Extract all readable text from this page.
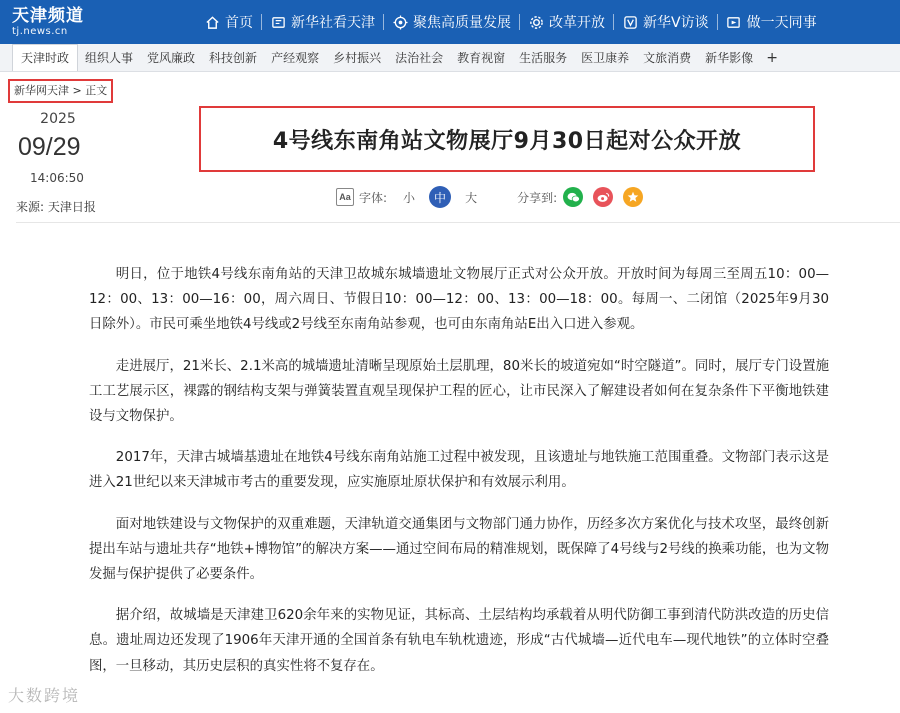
天津频道
tj.news.cn
首页	新华社看天津	聚焦高质量发展	改革开放	新华V访谈	做一天同事
天津时政	组织人事	党风廉政	科技创新	产经观察	乡村振兴	法治社会	教育视窗	生活服务	医卫康养	文旅消费	新华影像 +
新华网天津 > 正文
2025
09/29
14:06:50
来源: 天津日报
4号线东南角站文物展厅9月30日起对公众开放
Aa 字体: 小	中	大	分享到:

明日，位于地铁4号线东南角站的天津卫故城东城墙遗址文物展厅正式对公众开放。开放时间为每周三至周五10：00—12：00、13：00—16：00，周六周日、节假日10：00—12：00、13：00—18：00。每周一、二闭馆（2025年9月30日除外）。市民可乘坐地铁4号线或2号线至东南角站参观，也可由东南角站E出入口进入参观。

走进展厅，21米长、2.1米高的城墙遗址清晰呈现原始土层肌理，80米长的坡道宛如“时空隧道”。同时，展厅专门设置施工工艺展示区，裸露的钢结构支架与弹簧装置直观呈现保护工程的匠心，让市民深入了解建设者如何在复杂条件下平衡地铁建设与文物保护。

2017年，天津古城墙基遗址在地铁4号线东南角站施工过程中被发现，且该遗址与地铁施工范围重叠。文物部门表示这是进入21世纪以来天津城市考古的重要发现，应实施原址原状保护和有效展示利用。

面对地铁建设与文物保护的双重难题，天津轨道交通集团与文物部门通力协作，历经多次方案优化与技术攻坚，最终创新提出车站与遗址共存“地铁+博物馆”的解决方案——通过空间布局的精准规划，既保障了4号线与2号线的换乘功能，也为文物发掘与保护提供了必要条件。

据介绍，故城墙是天津建卫620余年来的实物见证，其标高、土层结构均承载着从明代防御工事到清代防洪改造的历史信息。遗址周边还发现了1906年天津开通的全国首条有轨电车轨枕遗迹，形成“古代城墙—近代电车—现代地铁”的立体时空叠图，一旦移动，其历史层积的真实性将不复存在。

大数跨境
